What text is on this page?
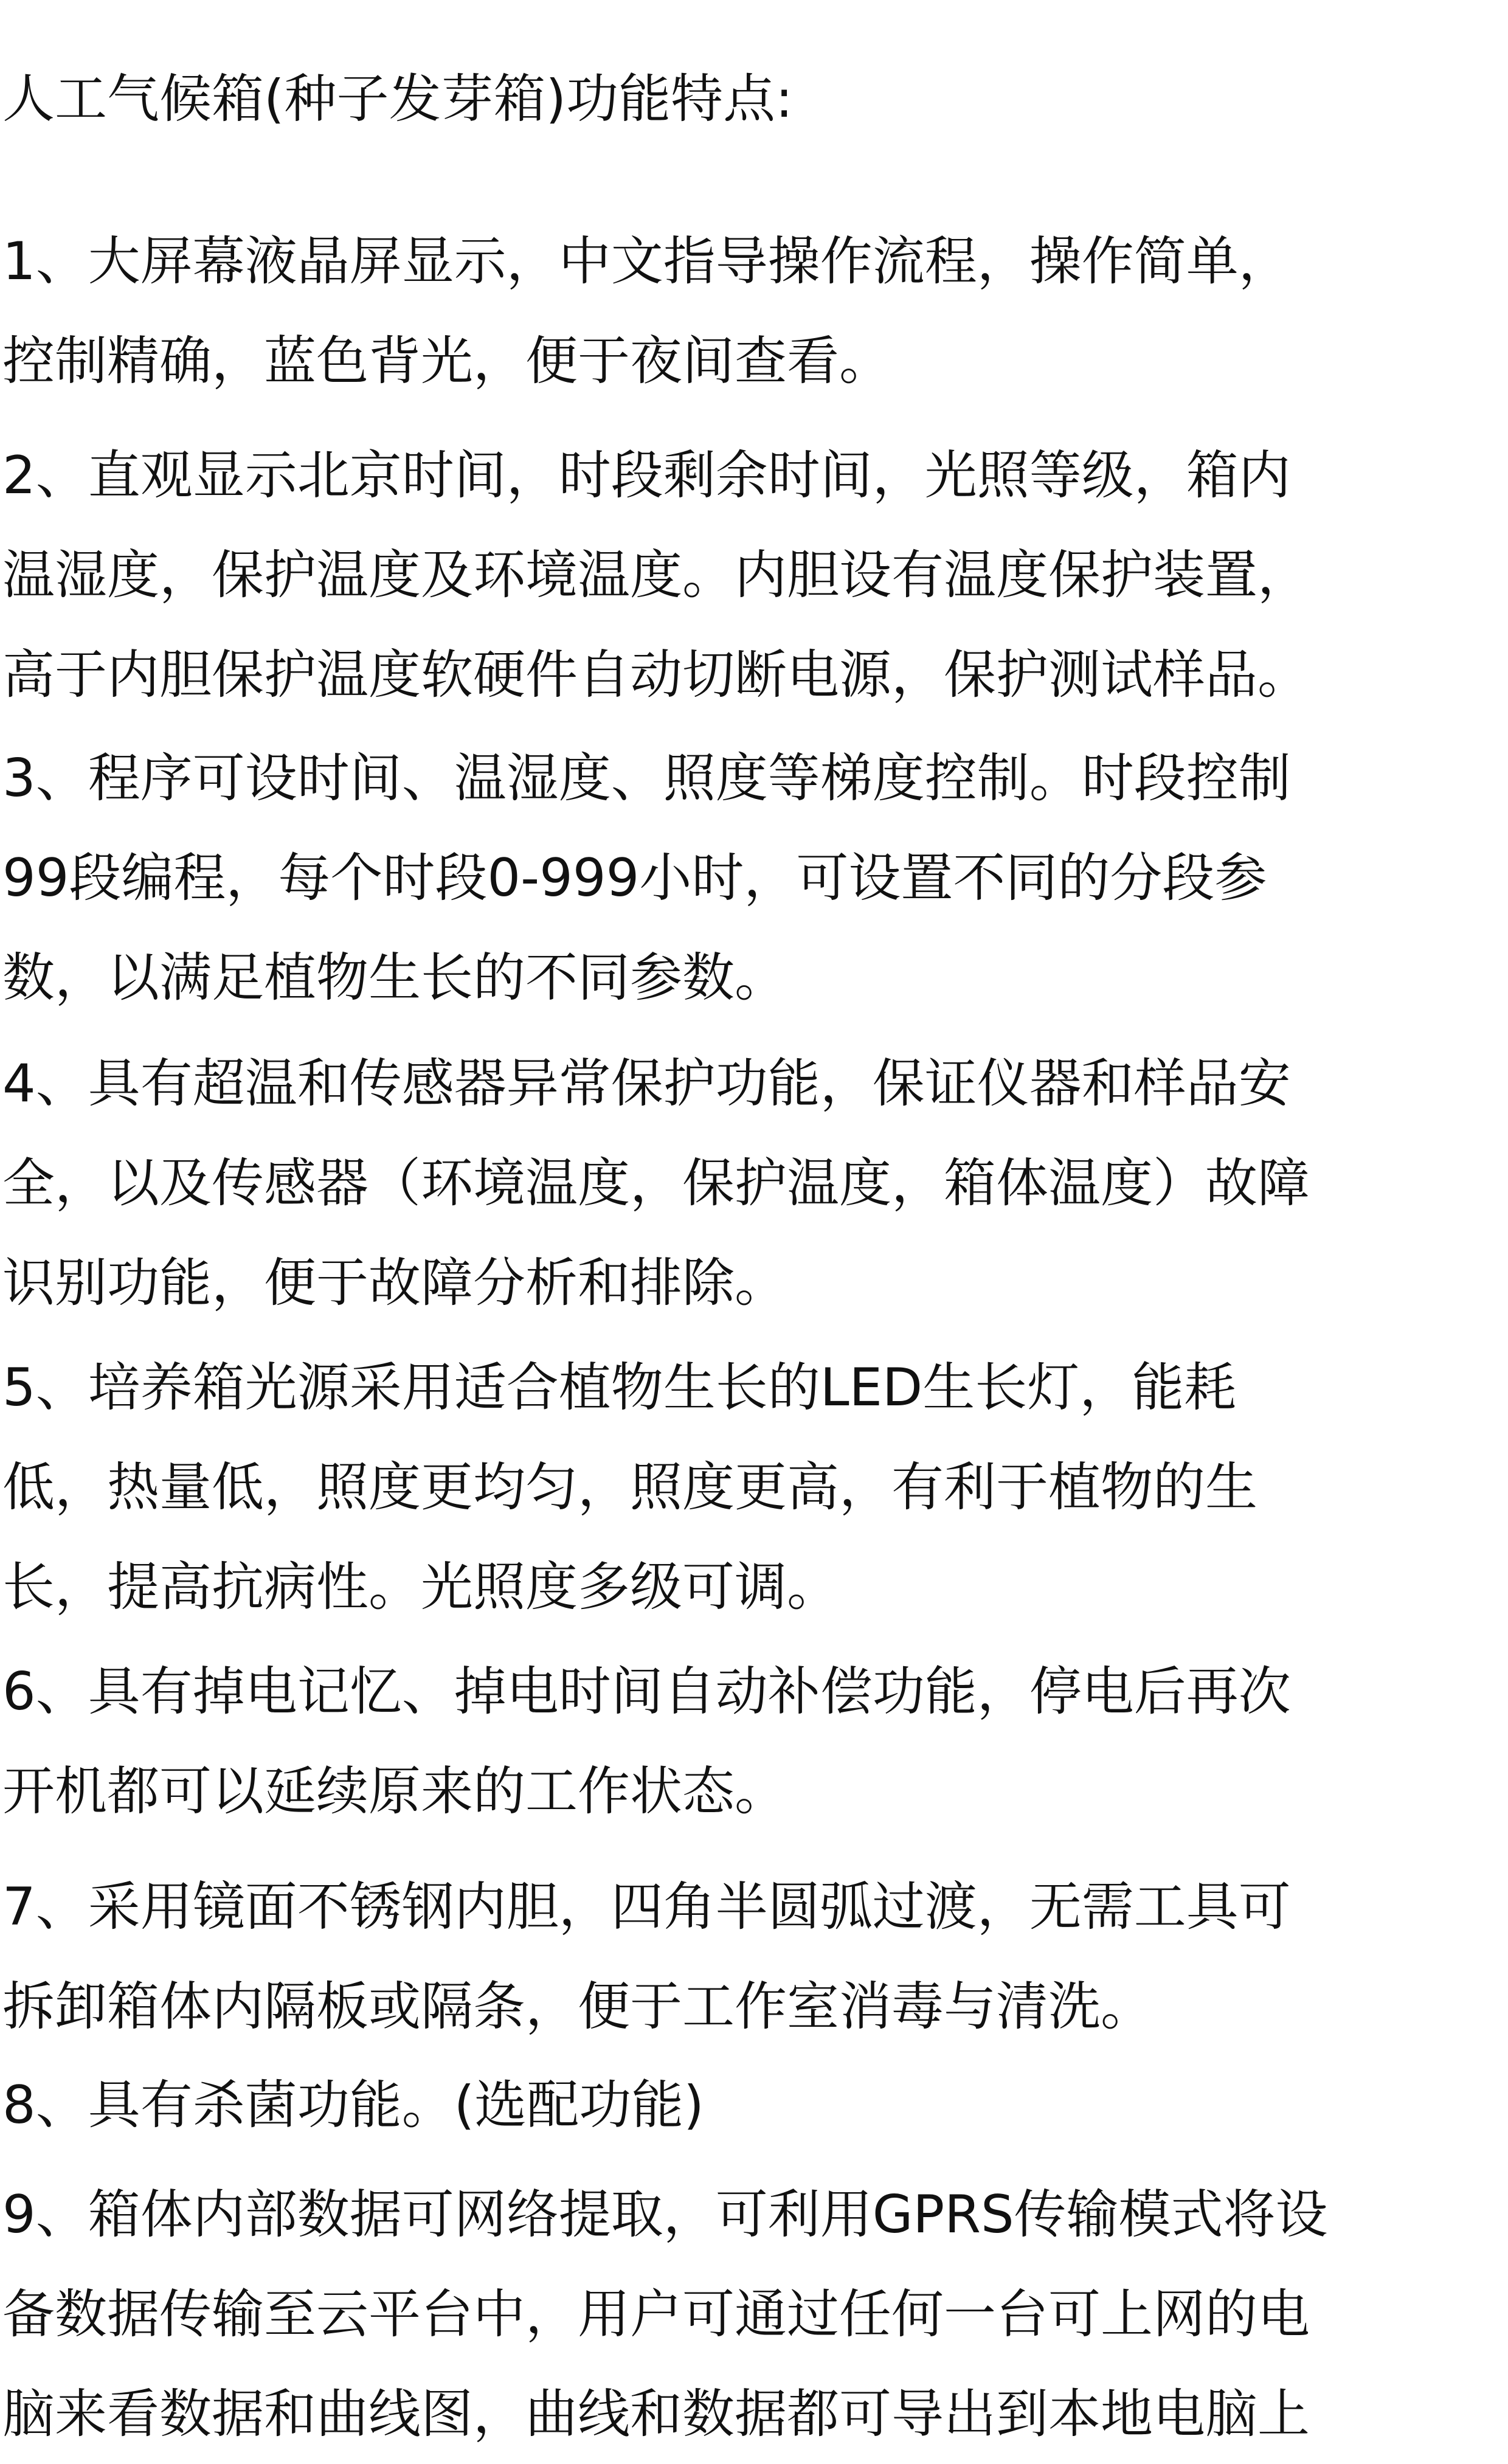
人工气候箱(种子发芽箱)功能特点:
1、大屏幕液晶屏显示，中文指导操作流程，操作简单，
控制精确，蓝色背光，便于夜间查看。
2、直观显示北京时间，时段剩余时间，光照等级，箱内
温湿度，保护温度及环境温度。内胆设有温度保护装置，
高于内胆保护温度软硬件自动切断电源，保护测试样品。
3、程序可设时间、温湿度、照度等梯度控制。时段控制
99段编程，每个时段0-999小时，可设置不同的分段参
数，以满足植物生长的不同参数。
4、具有超温和传感器异常保护功能，保证仪器和样品安
全，以及传感器（环境温度，保护温度，箱体温度）故障
识别功能，便于故障分析和排除。
5、培养箱光源采用适合植物生长的LED生长灯，能耗
低，热量低，照度更均匀，照度更高，有利于植物的生
长，提高抗病性。光照度多级可调。
6、具有掉电记忆、掉电时间自动补偿功能，停电后再次
开机都可以延续原来的工作状态。
7、采用镜面不锈钢内胆，四角半圆弧过渡，无需工具可
拆卸箱体内隔板或隔条，便于工作室消毒与清洗。
8、具有杀菌功能。(选配功能)
9、箱体内部数据可网络提取，可利用GPRS传输模式将设
备数据传输至云平台中，用户可通过任何一台可上网的电
脑来看数据和曲线图，曲线和数据都可导出到本地电脑上
